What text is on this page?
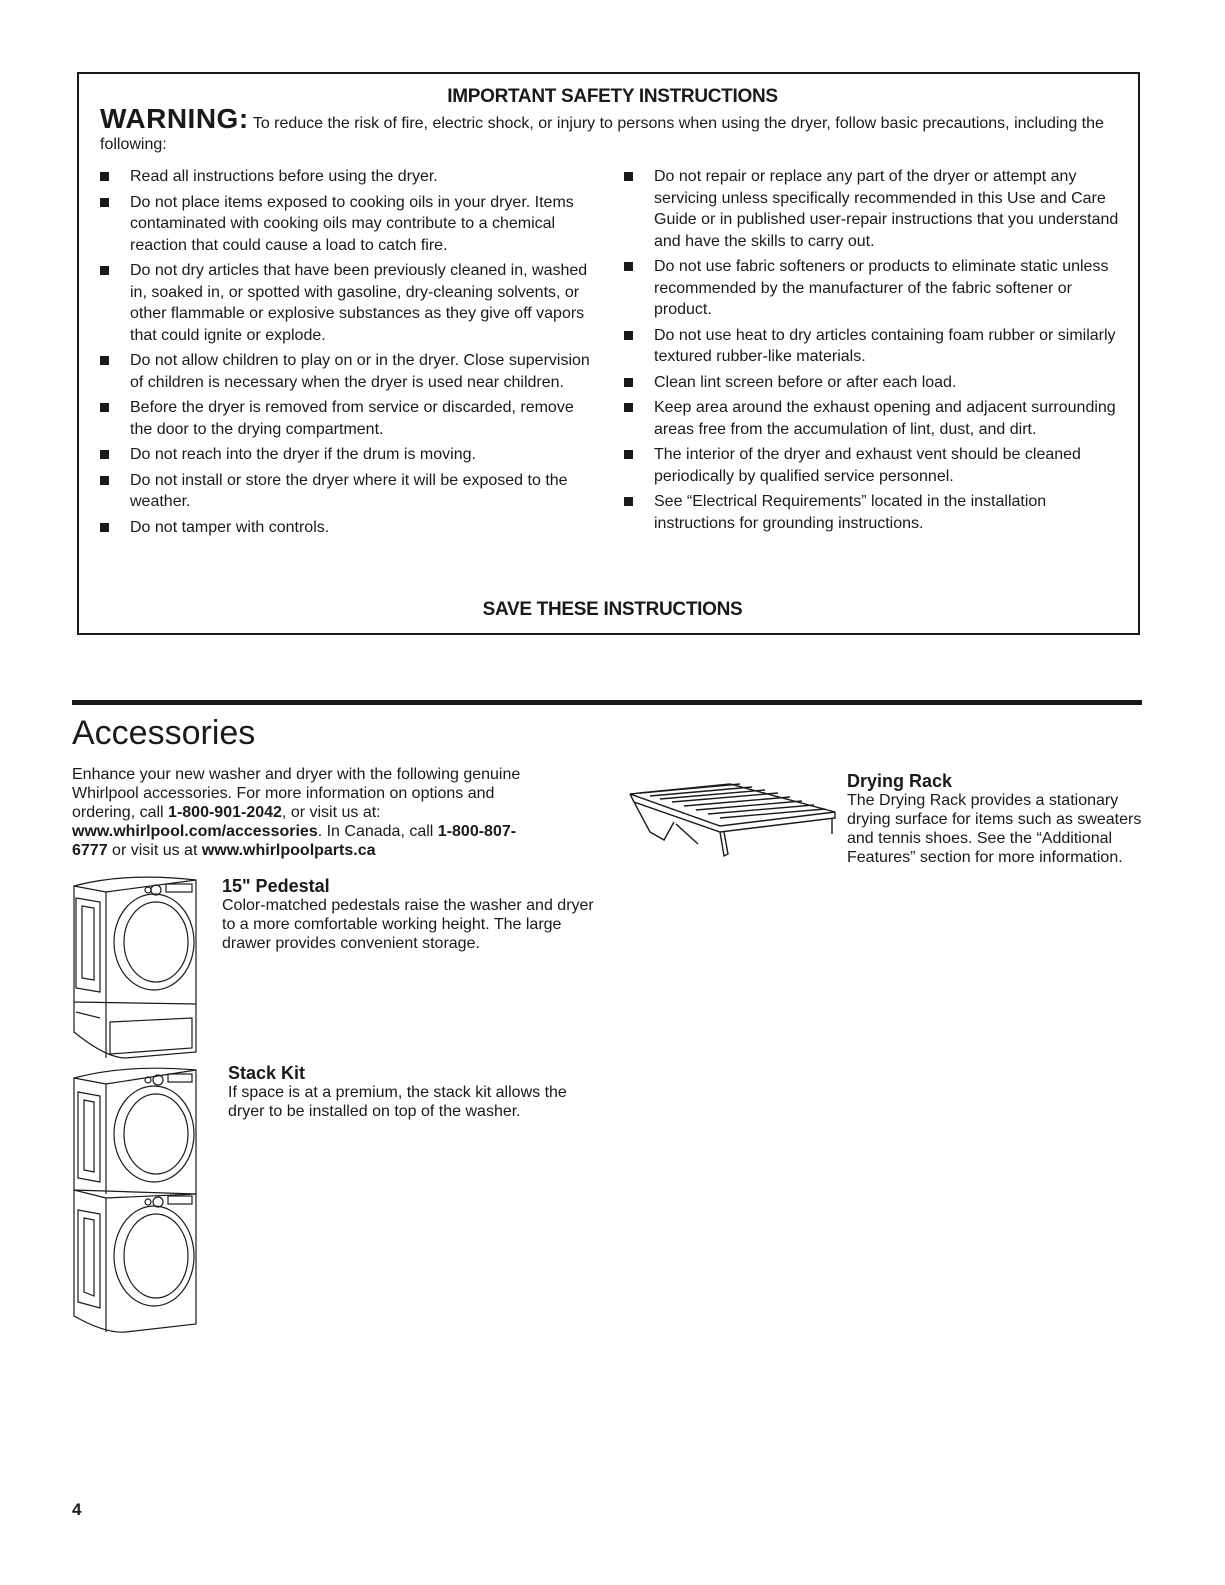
IMPORTANT SAFETY INSTRUCTIONS
WARNING: To reduce the risk of fire, electric shock, or injury to persons when using the dryer, follow basic precautions, including the following:
Read all instructions before using the dryer.
Do not place items exposed to cooking oils in your dryer. Items contaminated with cooking oils may contribute to a chemical reaction that could cause a load to catch fire.
Do not dry articles that have been previously cleaned in, washed in, soaked in, or spotted with gasoline, dry-cleaning solvents, or other flammable or explosive substances as they give off vapors that could ignite or explode.
Do not allow children to play on or in the dryer. Close supervision of children is necessary when the dryer is used near children.
Before the dryer is removed from service or discarded, remove the door to the drying compartment.
Do not reach into the dryer if the drum is moving.
Do not install or store the dryer where it will be exposed to the weather.
Do not tamper with controls.
Do not repair or replace any part of the dryer or attempt any servicing unless specifically recommended in this Use and Care Guide or in published user-repair instructions that you understand and have the skills to carry out.
Do not use fabric softeners or products to eliminate static unless recommended by the manufacturer of the fabric softener or product.
Do not use heat to dry articles containing foam rubber or similarly textured rubber-like materials.
Clean lint screen before or after each load.
Keep area around the exhaust opening and adjacent surrounding areas free from the accumulation of lint, dust, and dirt.
The interior of the dryer and exhaust vent should be cleaned periodically by qualified service personnel.
See “Electrical Requirements” located in the installation instructions for grounding instructions.
SAVE THESE INSTRUCTIONS
Accessories
Enhance your new washer and dryer with the following genuine Whirlpool accessories. For more information on options and ordering, call 1-800-901-2042, or visit us at: www.whirlpool.com/accessories. In Canada, call 1-800-807-6777 or visit us at www.whirlpoolparts.ca
15" Pedestal
Color-matched pedestals raise the washer and dryer to a more comfortable working height. The large drawer provides convenient storage.
Stack Kit
If space is at a premium, the stack kit allows the dryer to be installed on top of the washer.
Drying Rack
The Drying Rack provides a stationary drying surface for items such as sweaters and tennis shoes. See the “Additional Features” section for more information.
4
